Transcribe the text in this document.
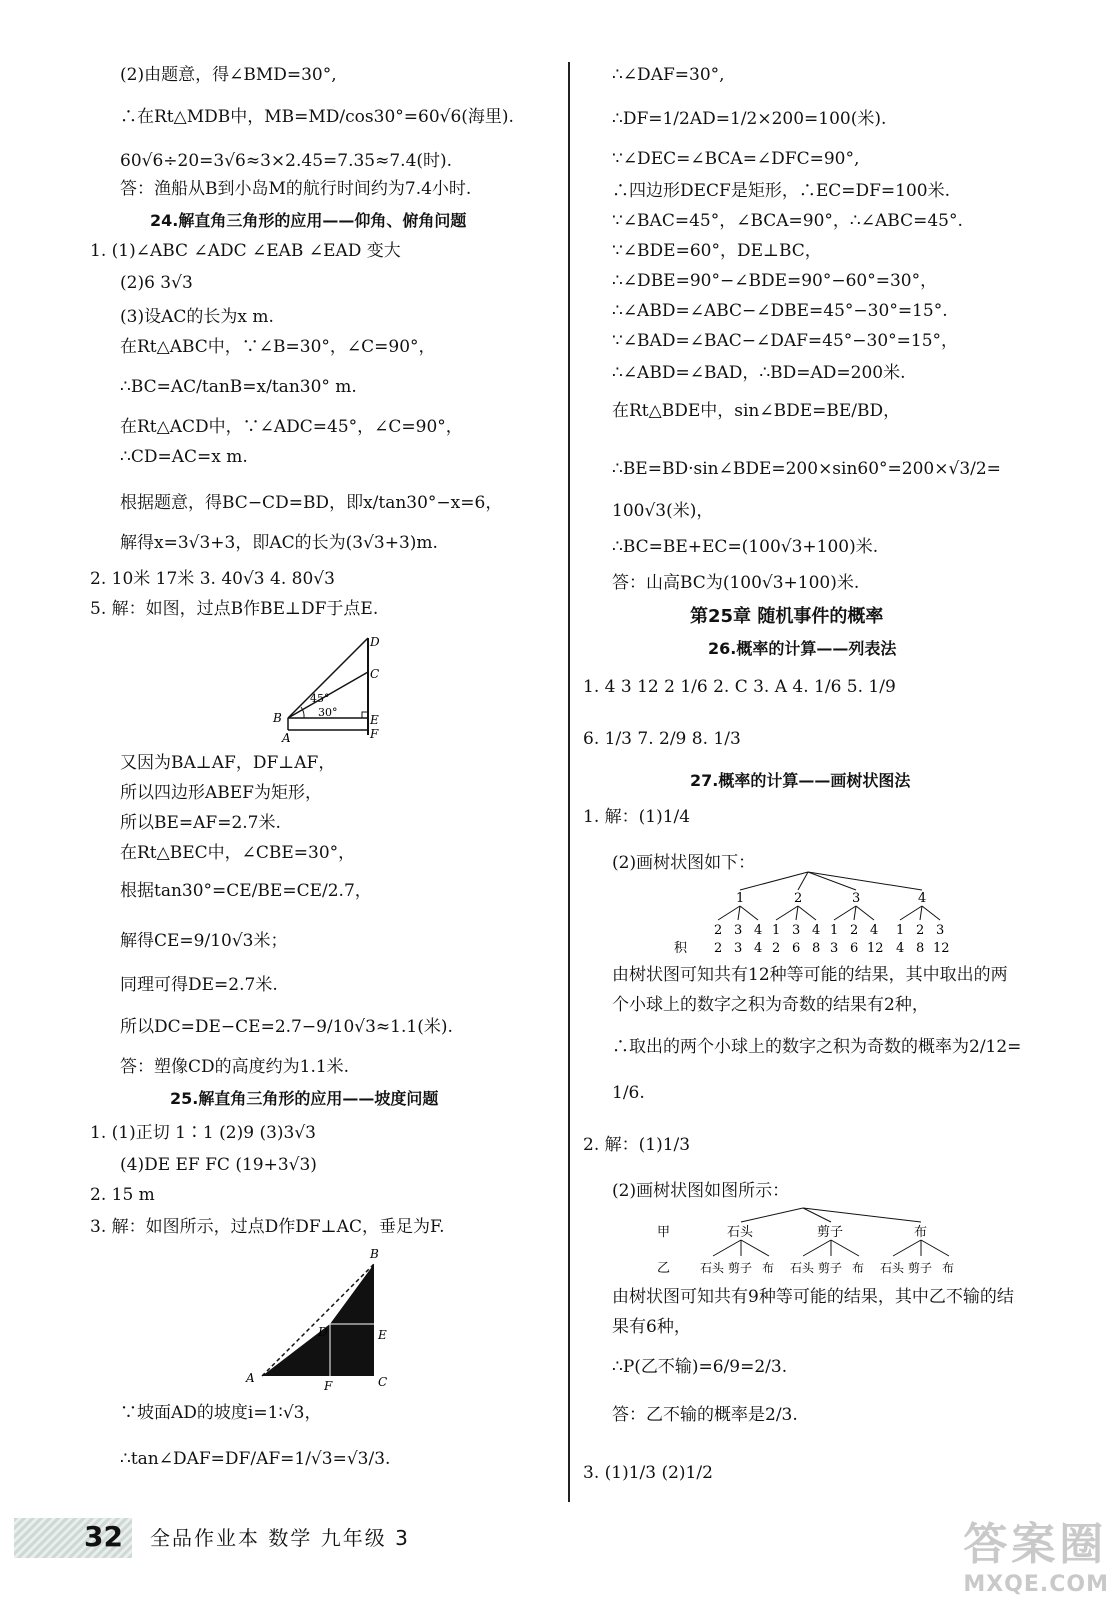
(2)由题意，得∠BMD=30°,
∴在Rt△MDB中，MB=MD/cos30°=60√6(海里).
60√6÷20=3√6≈3×2.45=7.35≈7.4(时).
答：渔船从B到小岛M的航行时间约为7.4小时.
24.解直角三角形的应用——仰角、俯角问题
1. (1)∠ABC ∠ADC ∠EAB ∠EAD 变大
(2)6 3√3
(3)设AC的长为x m.
在Rt△ABC中，∵∠B=30°，∠C=90°，
∴BC=AC/tanB=x/tan30° m.
在Rt△ACD中，∵∠ADC=45°，∠C=90°，
∴CD=AC=x m.
根据题意，得BC−CD=BD，即x/tan30°−x=6，
解得x=3√3+3，即AC的长为(3√3+3)m.
2. 10米 17米 3. 40√3 4. 80√3
5. 解：如图，过点B作BE⊥DF于点E.
又因为BA⊥AF，DF⊥AF，
所以四边形ABEF为矩形，
所以BE=AF=2.7米.
在Rt△BEC中，∠CBE=30°，
根据tan30°=CE/BE=CE/2.7，
解得CE=9/10√3米；
同理可得DE=2.7米.
所以DC=DE−CE=2.7−9/10√3≈1.1(米).
答：塑像CD的高度约为1.1米.
25.解直角三角形的应用——坡度问题
1. (1)正切 1∶1 (2)9 (3)3√3
(4)DE EF FC (19+3√3)
2. 15 m
3. 解：如图所示，过点D作DF⊥AC，垂足为F.
∵坡面AD的坡度i=1∶√3，
∴tan∠DAF=DF/AF=1/√3=√3/3.
∴∠DAF=30°,
∴DF=1/2AD=1/2×200=100(米).
∵∠DEC=∠BCA=∠DFC=90°,
∴四边形DECF是矩形，∴EC=DF=100米.
∵∠BAC=45°，∠BCA=90°，∴∠ABC=45°.
∵∠BDE=60°，DE⊥BC，
∴∠DBE=90°−∠BDE=90°−60°=30°，
∴∠ABD=∠ABC−∠DBE=45°−30°=15°.
∵∠BAD=∠BAC−∠DAF=45°−30°=15°，
∴∠ABD=∠BAD，∴BD=AD=200米.
在Rt△BDE中，sin∠BDE=BE/BD，
∴BE=BD·sin∠BDE=200×sin60°=200×√3/2=
100√3(米)，
∴BC=BE+EC=(100√3+100)米.
答：山高BC为(100√3+100)米.
第25章 随机事件的概率
26.概率的计算——列表法
1. 4 3 12 2 1/6 2. C 3. A 4. 1/6 5. 1/9
6. 1/3 7. 2/9 8. 1/3
27.概率的计算——画树状图法
1. 解：(1)1/4
(2)画树状图如下：
由树状图可知共有12种等可能的结果，其中取出的两
个小球上的数字之积为奇数的结果有2种，
∴取出的两个小球上的数字之积为奇数的概率为2/12=
1/6.
2. 解：(1)1/3
(2)画树状图如图所示：
由树状图可知共有9种等可能的结果，其中乙不输的结
果有6种，
∴P(乙不输)=6/9=2/3.
答：乙不输的概率是2/3.
3. (1)1/3 (2)1/2
D
C
45°
30°
B	E
A	F
B
D	E
A
F	C
1
2
2
3
3
4
4
2
1
2
3
6
4
8
3
1
3
2
6
4
12
4
1
4
2
8
3
12
积
甲
乙
石头
石头 剪子 布
剪子
石头 剪子 布
布
石头 剪子 布
32 全品作业本 数学 九年级 3	答案圈
MXQE.COM
